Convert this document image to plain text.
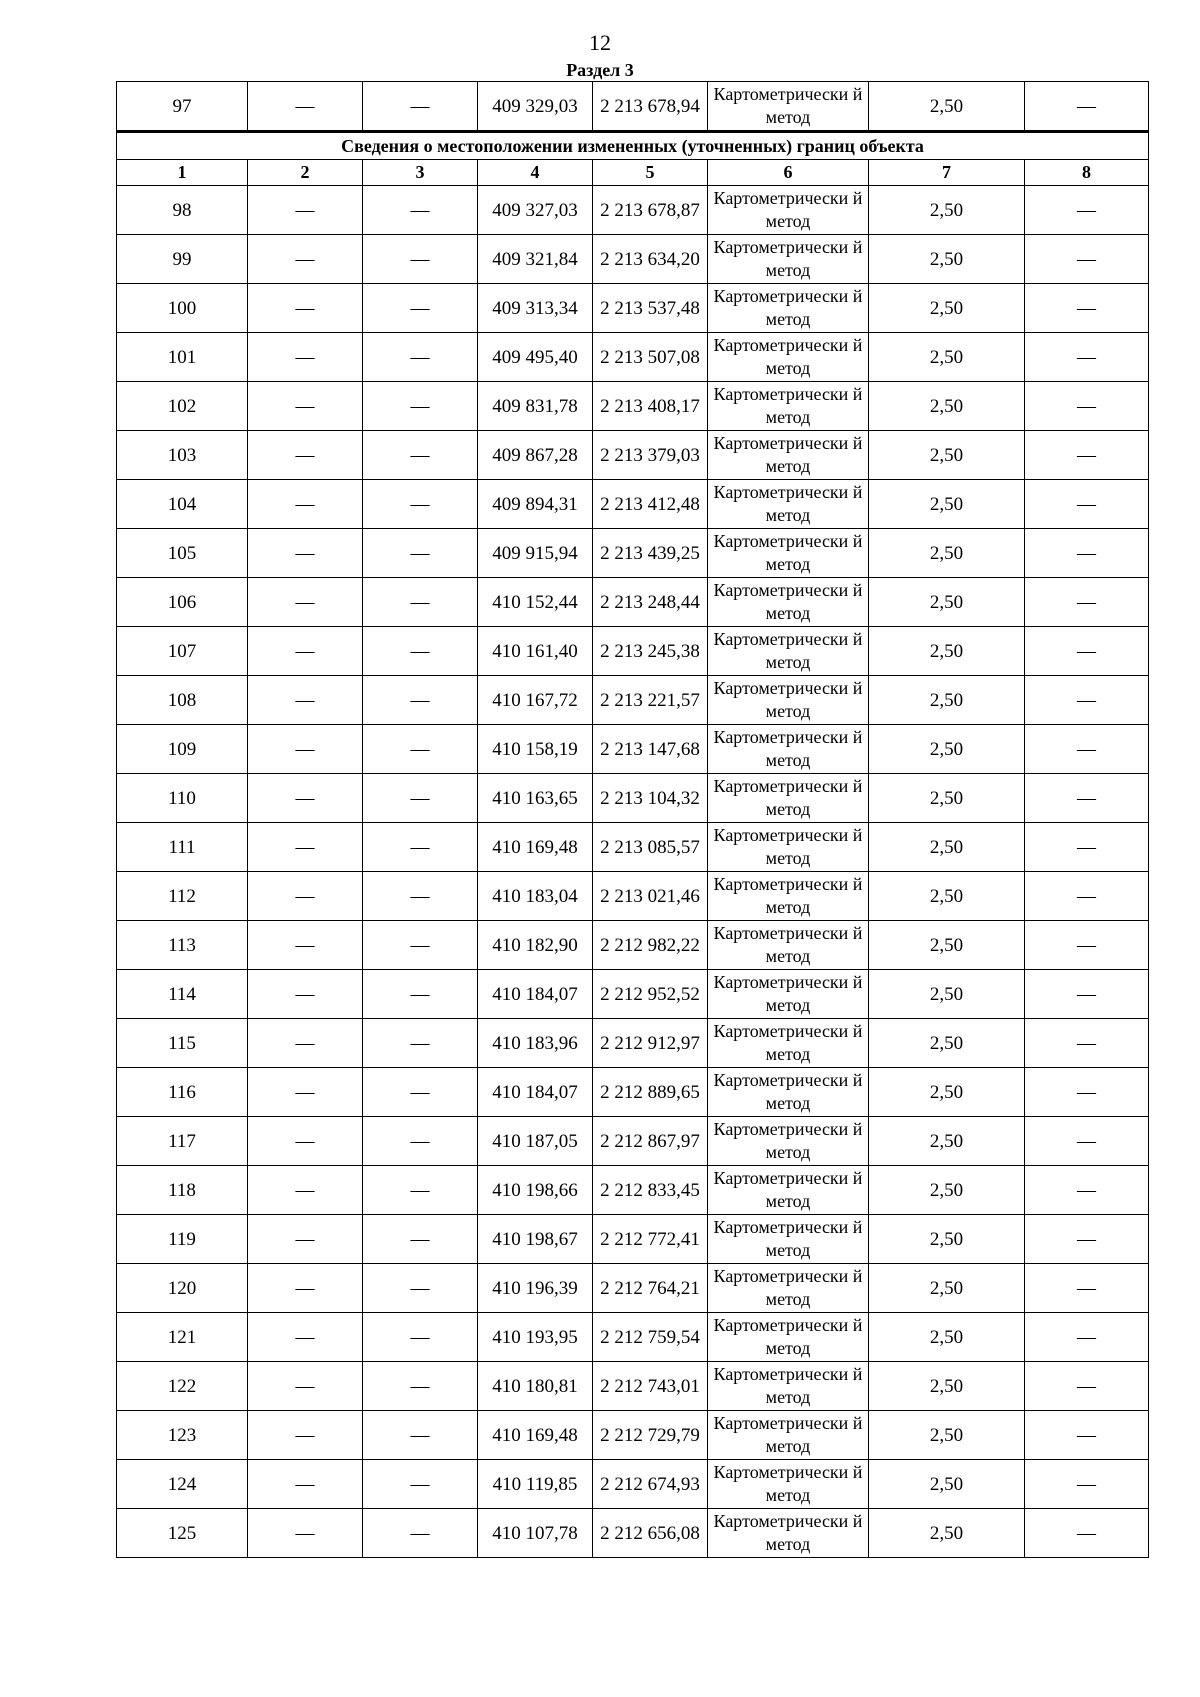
12
Раздел 3
97	—	—	409 329,03	2 213 678,94	Картометрически й метод	2,50	—
Сведения о местоположении измененных (уточненных) границ объекта							
1	2	3	4	5	6	7	8
98	—	—	409 327,03	2 213 678,87	Картометрически й метод	2,50	—
99	—	—	409 321,84	2 213 634,20	Картометрически й метод	2,50	—
100	—	—	409 313,34	2 213 537,48	Картометрически й метод	2,50	—
101	—	—	409 495,40	2 213 507,08	Картометрически й метод	2,50	—
102	—	—	409 831,78	2 213 408,17	Картометрически й метод	2,50	—
103	—	—	409 867,28	2 213 379,03	Картометрически й метод	2,50	—
104	—	—	409 894,31	2 213 412,48	Картометрически й метод	2,50	—
105	—	—	409 915,94	2 213 439,25	Картометрически й метод	2,50	—
106	—	—	410 152,44	2 213 248,44	Картометрически й метод	2,50	—
107	—	—	410 161,40	2 213 245,38	Картометрически й метод	2,50	—
108	—	—	410 167,72	2 213 221,57	Картометрически й метод	2,50	—
109	—	—	410 158,19	2 213 147,68	Картометрически й метод	2,50	—
110	—	—	410 163,65	2 213 104,32	Картометрически й метод	2,50	—
111	—	—	410 169,48	2 213 085,57	Картометрически й метод	2,50	—
112	—	—	410 183,04	2 213 021,46	Картометрически й метод	2,50	—
113	—	—	410 182,90	2 212 982,22	Картометрически й метод	2,50	—
114	—	—	410 184,07	2 212 952,52	Картометрически й метод	2,50	—
115	—	—	410 183,96	2 212 912,97	Картометрически й метод	2,50	—
116	—	—	410 184,07	2 212 889,65	Картометрически й метод	2,50	—
117	—	—	410 187,05	2 212 867,97	Картометрически й метод	2,50	—
118	—	—	410 198,66	2 212 833,45	Картометрически й метод	2,50	—
119	—	—	410 198,67	2 212 772,41	Картометрически й метод	2,50	—
120	—	—	410 196,39	2 212 764,21	Картометрически й метод	2,50	—
121	—	—	410 193,95	2 212 759,54	Картометрически й метод	2,50	—
122	—	—	410 180,81	2 212 743,01	Картометрически й метод	2,50	—
123	—	—	410 169,48	2 212 729,79	Картометрически й метод	2,50	—
124	—	—	410 119,85	2 212 674,93	Картометрически й метод	2,50	—
125	—	—	410 107,78	2 212 656,08	Картометрически й метод	2,50	—
